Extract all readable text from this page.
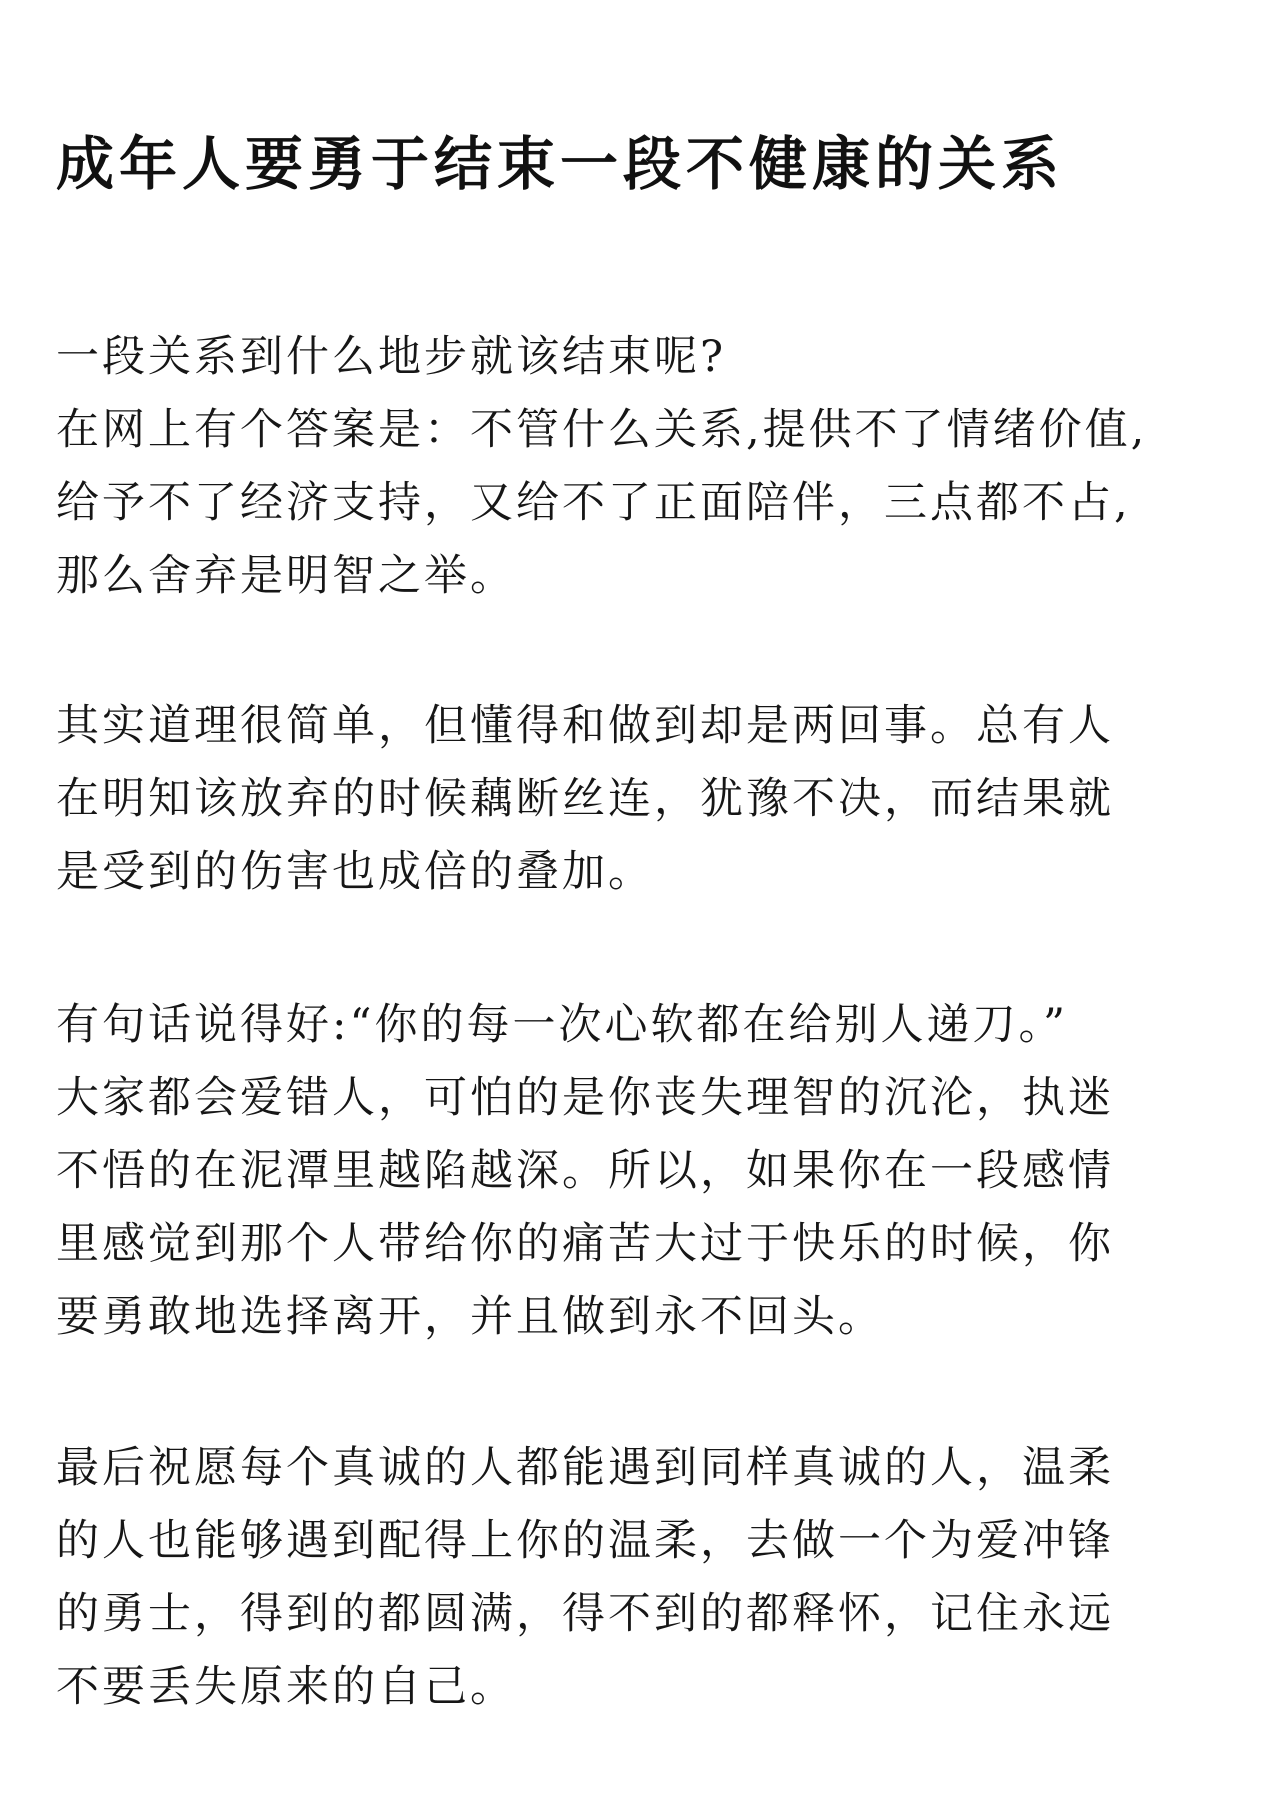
成年人要勇于结束一段不健康的关系
一段关系到什么地步就该结束呢?
在网上有个答案是：不管什么关系,提供不了情绪价值,
给予不了经济支持，又给不了正面陪伴，三点都不占,
那么舍弃是明智之举。
其实道理很简单，但懂得和做到却是两回事。总有人
在明知该放弃的时候藕断丝连，犹豫不决，而结果就
是受到的伤害也成倍的叠加。
有句话说得好:“你的每一次心软都在给别人递刀。”
大家都会爱错人，可怕的是你丧失理智的沉沦，执迷
不悟的在泥潭里越陷越深。所以，如果你在一段感情
里感觉到那个人带给你的痛苦大过于快乐的时候，你
要勇敢地选择离开，并且做到永不回头。
最后祝愿每个真诚的人都能遇到同样真诚的人，温柔
的人也能够遇到配得上你的温柔，去做一个为爱冲锋
的勇士，得到的都圆满，得不到的都释怀，记住永远
不要丢失原来的自己。
